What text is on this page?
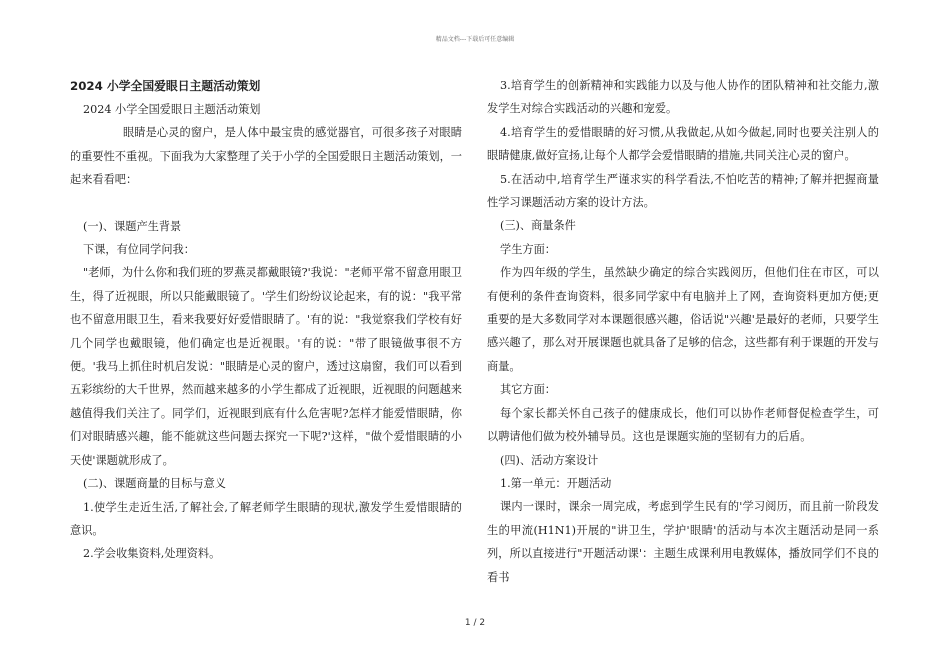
精品文档---下载后可任意编辑

2024 小学全国爱眼日主题活动策划

2024 小学全国爱眼日主题活动策划

眼睛是心灵的窗户，是人体中最宝贵的感觉器官，可很多孩子对眼睛的重要性不重视。下面我为大家整理了关于小学的全国爱眼日主题活动策划，一起来看看吧：

(一)、课题产生背景

下课，有位同学问我：

"老师，为什么你和我们班的罗燕灵都戴眼镜?'我说："老师平常不留意用眼卫生，得了近视眼，所以只能戴眼镜了。'学生们纷纷议论起来，有的说："我平常也不留意用眼卫生，看来我要好好爱惜眼睛了。'有的说："我觉察我们学校有好几个同学也戴眼镜，他们确定也是近视眼。'有的说："带了眼镜做事很不方便。'我马上抓住时机启发说："眼睛是心灵的窗户，透过这扇窗，我们可以看到五彩缤纷的大千世界，然而越来越多的小学生都成了近视眼，近视眼的问题越来越值得我们关注了。同学们，近视眼到底有什么危害呢?怎样才能爱惜眼睛，你们对眼睛感兴趣，能不能就这些问题去探究一下呢?'这样，"做个爱惜眼睛的小天使'课题就形成了。

(二)、课题商量的目标与意义

1.使学生走近生活,了解社会,了解老师学生眼睛的现状,激发学生爱惜眼睛的意识。

2.学会收集资料,处理资料。

3.培育学生的创新精神和实践能力以及与他人协作的团队精神和社交能力,激发学生对综合实践活动的兴趣和宠爱。

4.培育学生的爱惜眼睛的好习惯,从我做起,从如今做起,同时也要关注别人的眼睛健康,做好宣扬,让每个人都学会爱惜眼睛的措施,共同关注心灵的窗户。

5.在活动中,培育学生严谨求实的科学看法,不怕吃苦的精神;了解并把握商量性学习课题活动方案的设计方法。

(三)、商量条件

学生方面：

作为四年级的学生，虽然缺少确定的综合实践阅历，但他们住在市区，可以有便利的条件查询资料，很多同学家中有电脑并上了网，查询资料更加方便;更重要的是大多数同学对本课题很感兴趣，俗话说"兴趣'是最好的老师，只要学生感兴趣了，那么对开展课题也就具备了足够的信念，这些都有利于课题的开发与商量。

其它方面：

每个家长都关怀自己孩子的健康成长，他们可以协作老师督促检查学生，可以聘请他们做为校外辅导员。这也是课题实施的坚韧有力的后盾。

(四)、活动方案设计

1.第一单元：开题活动

课内一课时，课余一周完成，考虑到学生民有的'学习阅历，而且前一阶段发生的甲流(H1N1)开展的"讲卫生，学护'眼睛'的活动与本次主题活动是同一系列，所以直接进行"开题活动课'：主题生成课利用电教媒体，播放同学们不良的看书

1 / 2
